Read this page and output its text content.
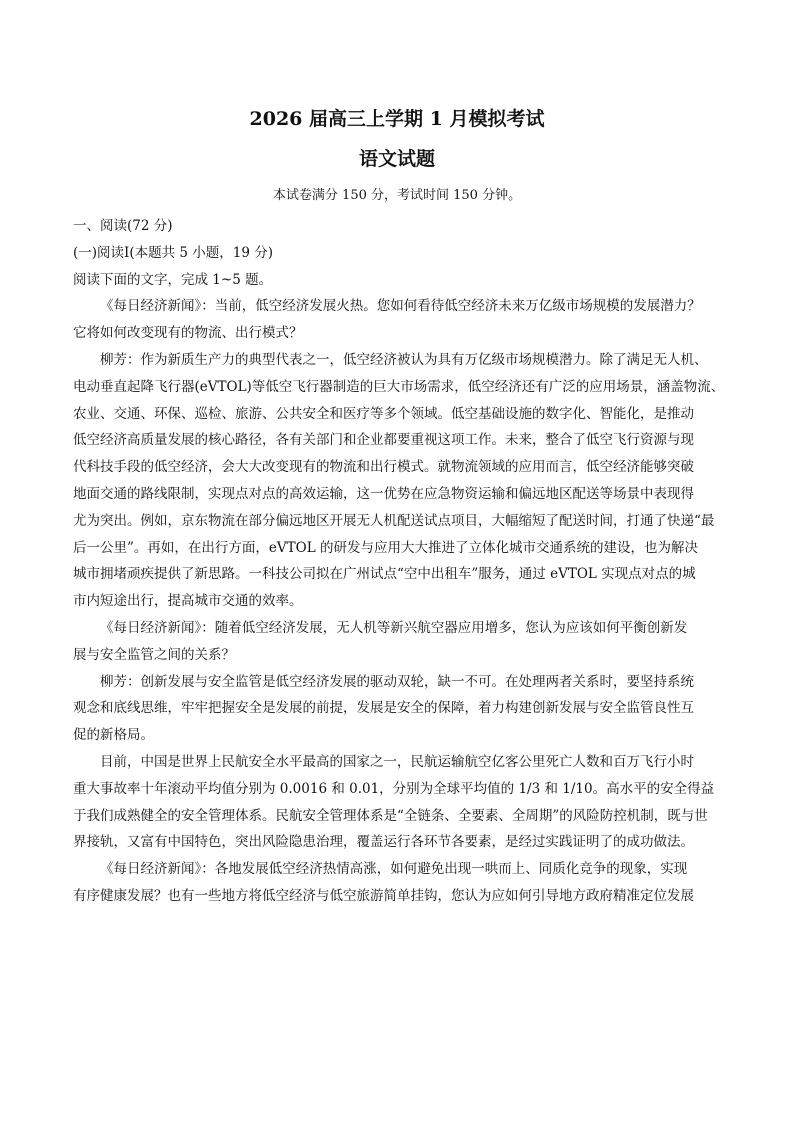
2026 届高三上学期 1 月模拟考试
语文试题
本试卷满分 150 分，考试时间 150 分钟。
一、阅读(72 分)
(一)阅读Ⅰ(本题共 5 小题，19 分)
阅读下面的文字，完成 1~5 题。
《每日经济新闻》：当前，低空经济发展火热。您如何看待低空经济未来万亿级市场规模的发展潜力？
它将如何改变现有的物流、出行模式？
柳芳：作为新质生产力的典型代表之一，低空经济被认为具有万亿级市场规模潜力。除了满足无人机、
电动垂直起降飞行器(eVTOL)等低空飞行器制造的巨大市场需求，低空经济还有广泛的应用场景，涵盖物流、
农业、交通、环保、巡检、旅游、公共安全和医疗等多个领域。低空基础设施的数字化、智能化，是推动
低空经济高质量发展的核心路径，各有关部门和企业都要重视这项工作。未来，整合了低空飞行资源与现
代科技手段的低空经济，会大大改变现有的物流和出行模式。就物流领域的应用而言，低空经济能够突破
地面交通的路线限制，实现点对点的高效运输，这一优势在应急物资运输和偏远地区配送等场景中表现得
尤为突出。例如，京东物流在部分偏远地区开展无人机配送试点项目，大幅缩短了配送时间，打通了快递“最
后一公里”。再如，在出行方面，eVTOL 的研发与应用大大推进了立体化城市交通系统的建设，也为解决
城市拥堵顽疾提供了新思路。一科技公司拟在广州试点“空中出租车”服务，通过 eVTOL 实现点对点的城
市内短途出行，提高城市交通的效率。
《每日经济新闻》：随着低空经济发展，无人机等新兴航空器应用增多，您认为应该如何平衡创新发
展与安全监管之间的关系？
柳芳：创新发展与安全监管是低空经济发展的驱动双轮，缺一不可。在处理两者关系时，要坚持系统
观念和底线思维，牢牢把握安全是发展的前提，发展是安全的保障，着力构建创新发展与安全监管良性互
促的新格局。
目前，中国是世界上民航安全水平最高的国家之一，民航运输航空亿客公里死亡人数和百万飞行小时
重大事故率十年滚动平均值分别为 0.0016 和 0.01，分别为全球平均值的 1/3 和 1/10。高水平的安全得益
于我们成熟健全的安全管理体系。民航安全管理体系是“全链条、全要素、全周期”的风险防控机制，既与世
界接轨，又富有中国特色，突出风险隐患治理，覆盖运行各环节各要素，是经过实践证明了的成功做法。
《每日经济新闻》：各地发展低空经济热情高涨，如何避免出现一哄而上、同质化竞争的现象，实现
有序健康发展？也有一些地方将低空经济与低空旅游简单挂钩，您认为应如何引导地方政府精准定位发展
